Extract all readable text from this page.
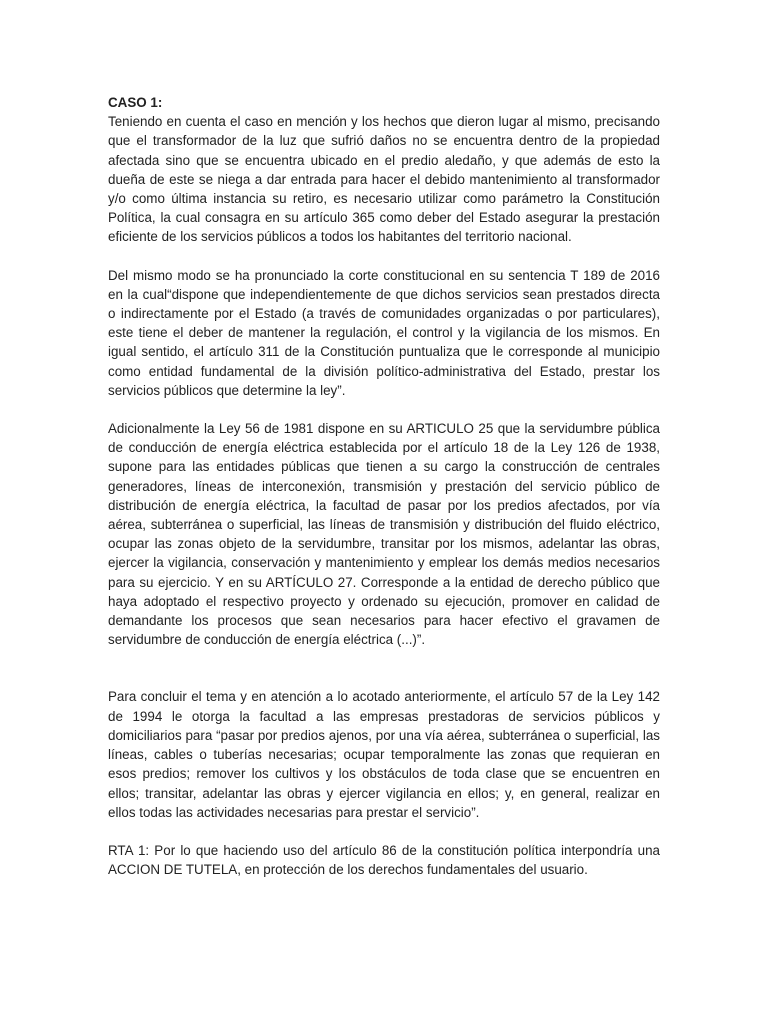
CASO 1:

Teniendo en cuenta el caso en mención y los hechos que dieron lugar al mismo, precisando que el transformador de la luz que sufrió daños no se encuentra dentro de la propiedad afectada sino que se encuentra ubicado en el predio aledaño, y que además de esto la dueña de este se niega a dar entrada para hacer el debido mantenimiento al transformador y/o como última instancia su retiro, es necesario utilizar como parámetro la Constitución Política, la cual consagra en su artículo 365 como deber del Estado asegurar la prestación eficiente de los servicios públicos a todos los habitantes del territorio nacional.

Del mismo modo se ha pronunciado la corte constitucional en su sentencia T 189 de 2016 en la cual“dispone que independientemente de que dichos servicios sean prestados directa o indirectamente por el Estado (a través de comunidades organizadas o por particulares), este tiene el deber de mantener la regulación, el control y la vigilancia de los mismos. En igual sentido, el artículo 311 de la Constitución puntualiza que le corresponde al municipio como entidad fundamental de la división político-administrativa del Estado, prestar los servicios públicos que determine la ley”.

Adicionalmente la Ley 56 de 1981 dispone en su ARTICULO 25 que la servidumbre pública de conducción de energía eléctrica establecida por el artículo 18 de la Ley 126 de 1938, supone para las entidades públicas que tienen a su cargo la construcción de centrales generadores, líneas de interconexión, transmisión y prestación del servicio público de distribución de energía eléctrica, la facultad de pasar por los predios afectados, por vía aérea, subterránea o superficial, las líneas de transmisión y distribución del fluido eléctrico, ocupar las zonas objeto de la servidumbre, transitar por los mismos, adelantar las obras, ejercer la vigilancia, conservación y mantenimiento y emplear los demás medios necesarios para su ejercicio. Y en su ARTÍCULO 27. Corresponde a la entidad de derecho público que haya adoptado el respectivo proyecto y ordenado su ejecución, promover en calidad de demandante los procesos que sean necesarios para hacer efectivo el gravamen de servidumbre de conducción de energía eléctrica (...)”.

Para concluir el tema y en atención a lo acotado anteriormente, el artículo 57 de la Ley 142 de 1994 le otorga la facultad a las empresas prestadoras de servicios públicos y domiciliarios para “pasar por predios ajenos, por una vía aérea, subterránea o superficial, las líneas, cables o tuberías necesarias; ocupar temporalmente las zonas que requieran en esos predios; remover los cultivos y los obstáculos de toda clase que se encuentren en ellos; transitar, adelantar las obras y ejercer vigilancia en ellos; y, en general, realizar en ellos todas las actividades necesarias para prestar el servicio”.

RTA 1: Por lo que haciendo uso del artículo 86 de la constitución política interpondría una ACCION DE TUTELA, en protección de los derechos fundamentales del usuario.
